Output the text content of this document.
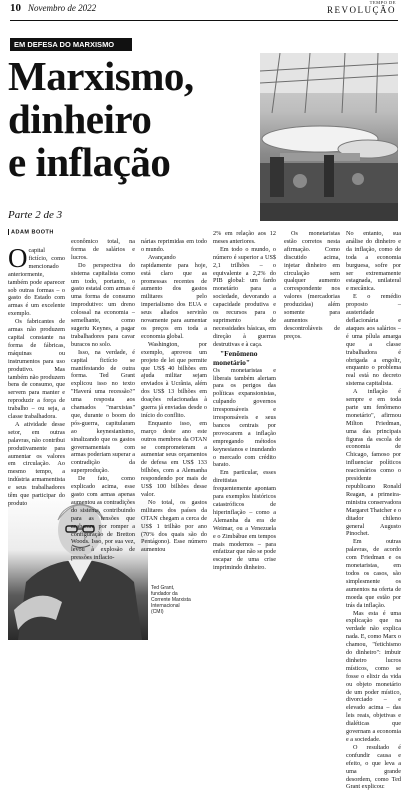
10 Novembro de 2022
TEMPO DE
REVOLUÇÃO
EM DEFESA DO MARXISMO
Marxismo,
dinheiro
e inflação
Parte 2 de 3
ADAM BOOTH
Ted Grant, fundador da Corrente Marxista Internacional (CMI)

Ocapital fictício, como mencionado anteriormente, também pode aparecer sob outras formas – o gasto do Estado com armas é um excelente exemplo.

Os fabricantes de armas não produzem capital constante na forma de fábricas, máquinas ou instrumentos para uso produtivo. Mas também não produzem bens de consumo, que servem para manter e reproduzir a força de trabalho – ou seja, a classe trabalhadora.

A atividade desse setor, em outras palavras, não contribui produtivamente para aumentar os valores em circulação. Ao mesmo tempo, a indústria armamentista e seus trabalhadores têm que participar do produto

econômico total, na forma de salários e lucros.

Do perspectiva do sistema capitalista como um todo, portanto, o gasto estatal com armas é uma forma de consumo improdutivo: um dreno colossal na economia – semelhante, como sugeriu Keynes, a pagar trabalhadores para cavar buracos no solo.

Isso, na verdade, é capital fictício se manifestando de outra forma. Ted Grant explicou isso no texto "Haverá uma recessão?" uma resposta aos chamados "marxistas" que, durante o boom do pós-guerra, capitularam ao keynesianismo, sinalizando que os gastos governamentais com armas poderiam superar a contradição da superprodução.

De fato, como explicado acima, esse gasto com armas apenas aumentou as contradições do sistema, contribuindo para as tensões que acabaram por romper a configuração de Bretton Woods. Isso, por sua vez, levou à explosão de pressões inflacio-

nárias reprimidas em todo o mundo.

Avançando rapidamente para hoje, está claro que as promessas recentes de aumento dos gastos militares pelo imperialismo dos EUA e seus aliados servirão novamente para aumentar os preços em toda a economia global.

Washington, por exemplo, aprovou um projeto de lei que permite que US$ 40 bilhões em ajuda militar sejam enviados à Ucrânia, além dos US$ 13 bilhões em doações relacionadas à guerra já enviadas desde o início do conflito.

Enquanto isso, em março deste ano este outros membros da OTAN se comprometeram a aumentar seus orçamentos de defesa em US$ 133 bilhões, com a Alemanha respondendo por mais de US$ 100 bilhões desse valor.

No total, os gastos militares dos países da OTAN chegam a cerca de US$ 1 trilhão por ano (70% dos quais são do Pentágono). Esse número aumentou

2% em relação aos 12 meses anteriores.

Em todo o mundo, o número é superior a US$ 2,1 trilhões – o equivalente a 2,2% do PIB global: um fardo monetário para a sociedade, devorando a capacidade produtiva e os recursos para o suprimento de necessidades básicas, em direção à guerras destrutivas e à caça.

"Fenômeno monetário"

Os monetaristas e liberais também alertam para os perigos das políticas expansionistas, culpando governos irresponsáveis e irresponsáveis e seus bancos centrais por provocarem a inflação empregando métodos keynesianos e inundando o mercado com crédito barato.

Em particular, esses direitistas frequentemente apontam para exemplos históricos catastróficos de hiperinflação – como a Alemanha da era de Weimar, ou a Venezuela e o Zimbábue em tempos mais modernos – para enfatizar que não se pode escapar de uma crise imprimindo dinheiro.

Os monetaristas estão corretos nesta afirmação. Como discutido acima, injetar dinheiro em circulação sem qualquer aumento correspondente nos valores (mercadorias produzidas) além somente para aumentos descontroláveis de preços.

No entanto, sua análise do dinheiro e da inflação, como de toda a economia burguesa, sofre por ser extremamente estagnada, unilateral e mecânica.

E o remédio proposto – austeridade deflacionária e ataques aos salários – é uma pílula amarga que a classe trabalhadora é obrigada a engolir, enquanto o problema real está no decreto sistema capitalista.

A inflação é sempre e em toda parte um fenômeno monetário", afirmou Milton Friedman, uma das principais figuras da escola de economia de Chicago, famoso por influenciar políticos reacionários como o presidente republicano Ronald Reagan, a primeira-ministra conservadora Margaret Thatcher e o ditador chileno general Augusto Pinochet.

Em outras palavras, de acordo com Friedman e os monetaristas, em todos os casos, são simplesmente os aumentos na oferta de moeda que estão por trás da inflação.

Mas esta é uma explicação que na verdade não explica nada. E, como Marx o chamou, "fetichismo do dinheiro": imbuir dinheiro lucros místicos, como se fosse o elixir da vida ou objeto monetário de um poder místico, divorciado – e elevado acima – das leis reais, objetivas e dialéticas que governam a economia e a sociedade.

O resultado é confundir causa e efeito, o que leva a uma grande desordem, como Ted Grant explicou:
